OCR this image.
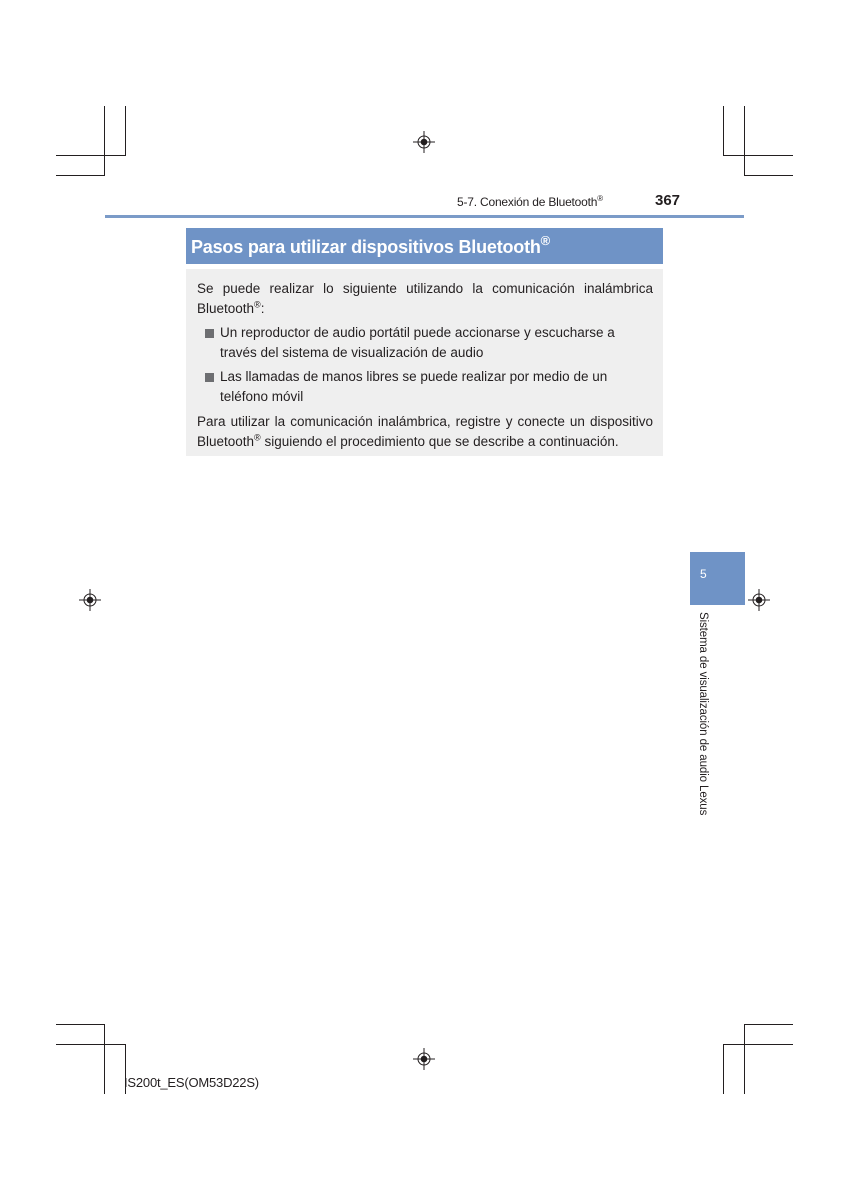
5-7. Conexión de Bluetooth®	367
Pasos para utilizar dispositivos Bluetooth®

Se puede realizar lo siguiente utilizando la comunicación inalámbrica Bluetooth®:

Un reproductor de audio portátil puede accionarse y escucharse a través del sistema de visualización de audio
Las llamadas de manos libres se puede realizar por medio de un teléfono móvil

Para utilizar la comunicación inalámbrica, registre y conecte un dispositivo Bluetooth® siguiendo el procedimiento que se describe a continuación.

5
Sistema de visualización de audio Lexus
IS200t_ES(OM53D22S)
